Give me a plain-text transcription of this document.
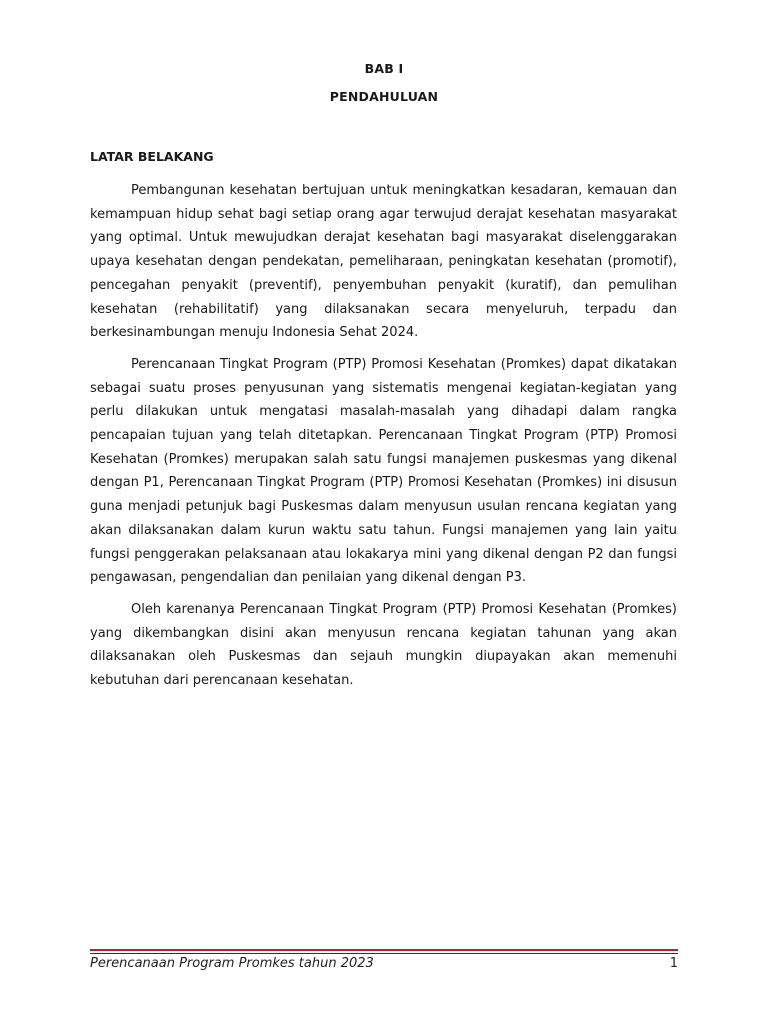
BAB I
PENDAHULUAN
LATAR BELAKANG

Pembangunan kesehatan bertujuan untuk meningkatkan kesadaran, kemauan dan kemampuan hidup sehat bagi setiap orang agar terwujud derajat kesehatan masyarakat yang optimal. Untuk mewujudkan derajat kesehatan bagi masyarakat diselenggarakan upaya kesehatan dengan pendekatan, pemeliharaan, peningkatan kesehatan (promotif), pencegahan penyakit (preventif), penyembuhan penyakit (kuratif), dan pemulihan kesehatan (rehabilitatif) yang dilaksanakan secara menyeluruh, terpadu dan berkesinambungan menuju Indonesia Sehat 2024.

Perencanaan Tingkat Program (PTP) Promosi Kesehatan (Promkes) dapat dikatakan sebagai suatu proses penyusunan yang sistematis mengenai kegiatan-kegiatan yang perlu dilakukan untuk mengatasi masalah-masalah yang dihadapi dalam rangka pencapaian tujuan yang telah ditetapkan. Perencanaan Tingkat Program (PTP) Promosi Kesehatan (Promkes) merupakan salah satu fungsi manajemen puskesmas yang dikenal dengan P1, Perencanaan Tingkat Program (PTP) Promosi Kesehatan (Promkes) ini disusun guna menjadi petunjuk bagi Puskesmas dalam menyusun usulan rencana kegiatan yang akan dilaksanakan dalam kurun waktu satu tahun. Fungsi manajemen yang lain yaitu fungsi penggerakan pelaksanaan atau lokakarya mini yang dikenal dengan P2 dan fungsi pengawasan, pengendalian dan penilaian yang dikenal dengan P3.

Oleh karenanya Perencanaan Tingkat Program (PTP) Promosi Kesehatan (Promkes) yang dikembangkan disini akan menyusun rencana kegiatan tahunan yang akan dilaksanakan oleh Puskesmas dan sejauh mungkin diupayakan akan memenuhi kebutuhan dari perencanaan kesehatan.

Perencanaan Program Promkes tahun 2023	1
